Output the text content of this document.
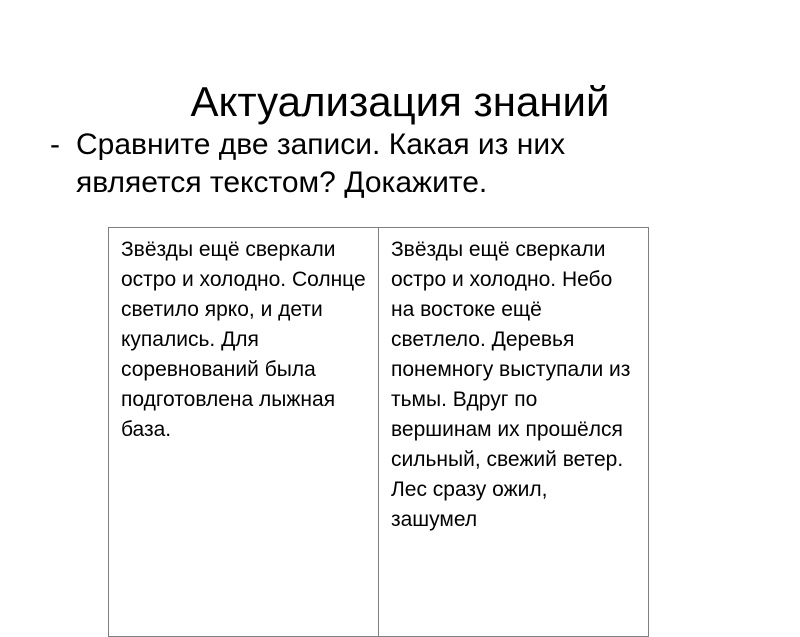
Актуализация знаний
- Сравните две записи. Какая из них является текстом? Докажите.
Звёзды ещё сверкали остро и холодно. Солнце светило ярко, и дети купались. Для соревнований была подготовлена лыжная база.	Звёзды ещё сверкали остро и холодно. Небо на востоке ещё светлело. Деревья понемногу выступали из тьмы. Вдруг по вершинам их прошёлся сильный, свежий ветер. Лес сразу ожил, зашумел
